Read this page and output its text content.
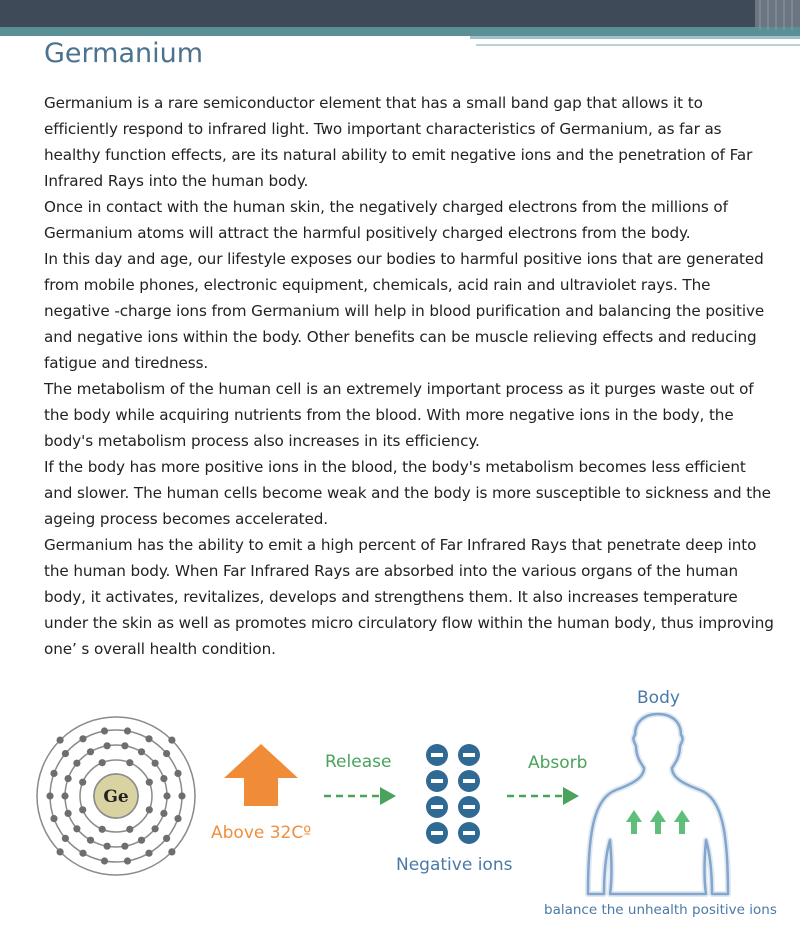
Germanium

Germanium is a rare semiconductor element that has a small band gap that allows it to efficiently respond to infrared light. Two important characteristics of Germanium, as far as healthy function effects, are its natural ability to emit negative ions and the penetration of Far Infrared Rays into the human body.

Once in contact with the human skin, the negatively charged electrons from the millions of Germanium atoms will attract the harmful positively charged electrons from the body.

In this day and age, our lifestyle exposes our bodies to harmful positive ions that are generated from mobile phones, electronic equipment, chemicals, acid rain and ultraviolet rays. The negative -charge ions from Germanium will help in blood purification and balancing the positive and negative ions within the body. Other benefits can be muscle relieving effects and reducing fatigue and tiredness.

The metabolism of the human cell is an extremely important process as it purges waste out of the body while acquiring nutrients from the blood. With more negative ions in the body, the body's metabolism process also increases in its efficiency.

If the body has more positive ions in the blood, the body's metabolism becomes less efficient and slower. The human cells become weak and the body is more susceptible to sickness and the ageing process becomes accelerated.

Germanium has the ability to emit a high percent of Far Infrared Rays that penetrate deep into the human body. When Far Infrared Rays are absorbed into the various organs of the human body, it activates, revitalizes, develops and strengthens them. It also increases temperature under the skin as well as promotes micro circulatory flow within the human body, thus improving one’ s overall health condition.

Ge
Above 32Cº
Release
Negative ions
Absorb
Body
balance the unhealth positive ions
